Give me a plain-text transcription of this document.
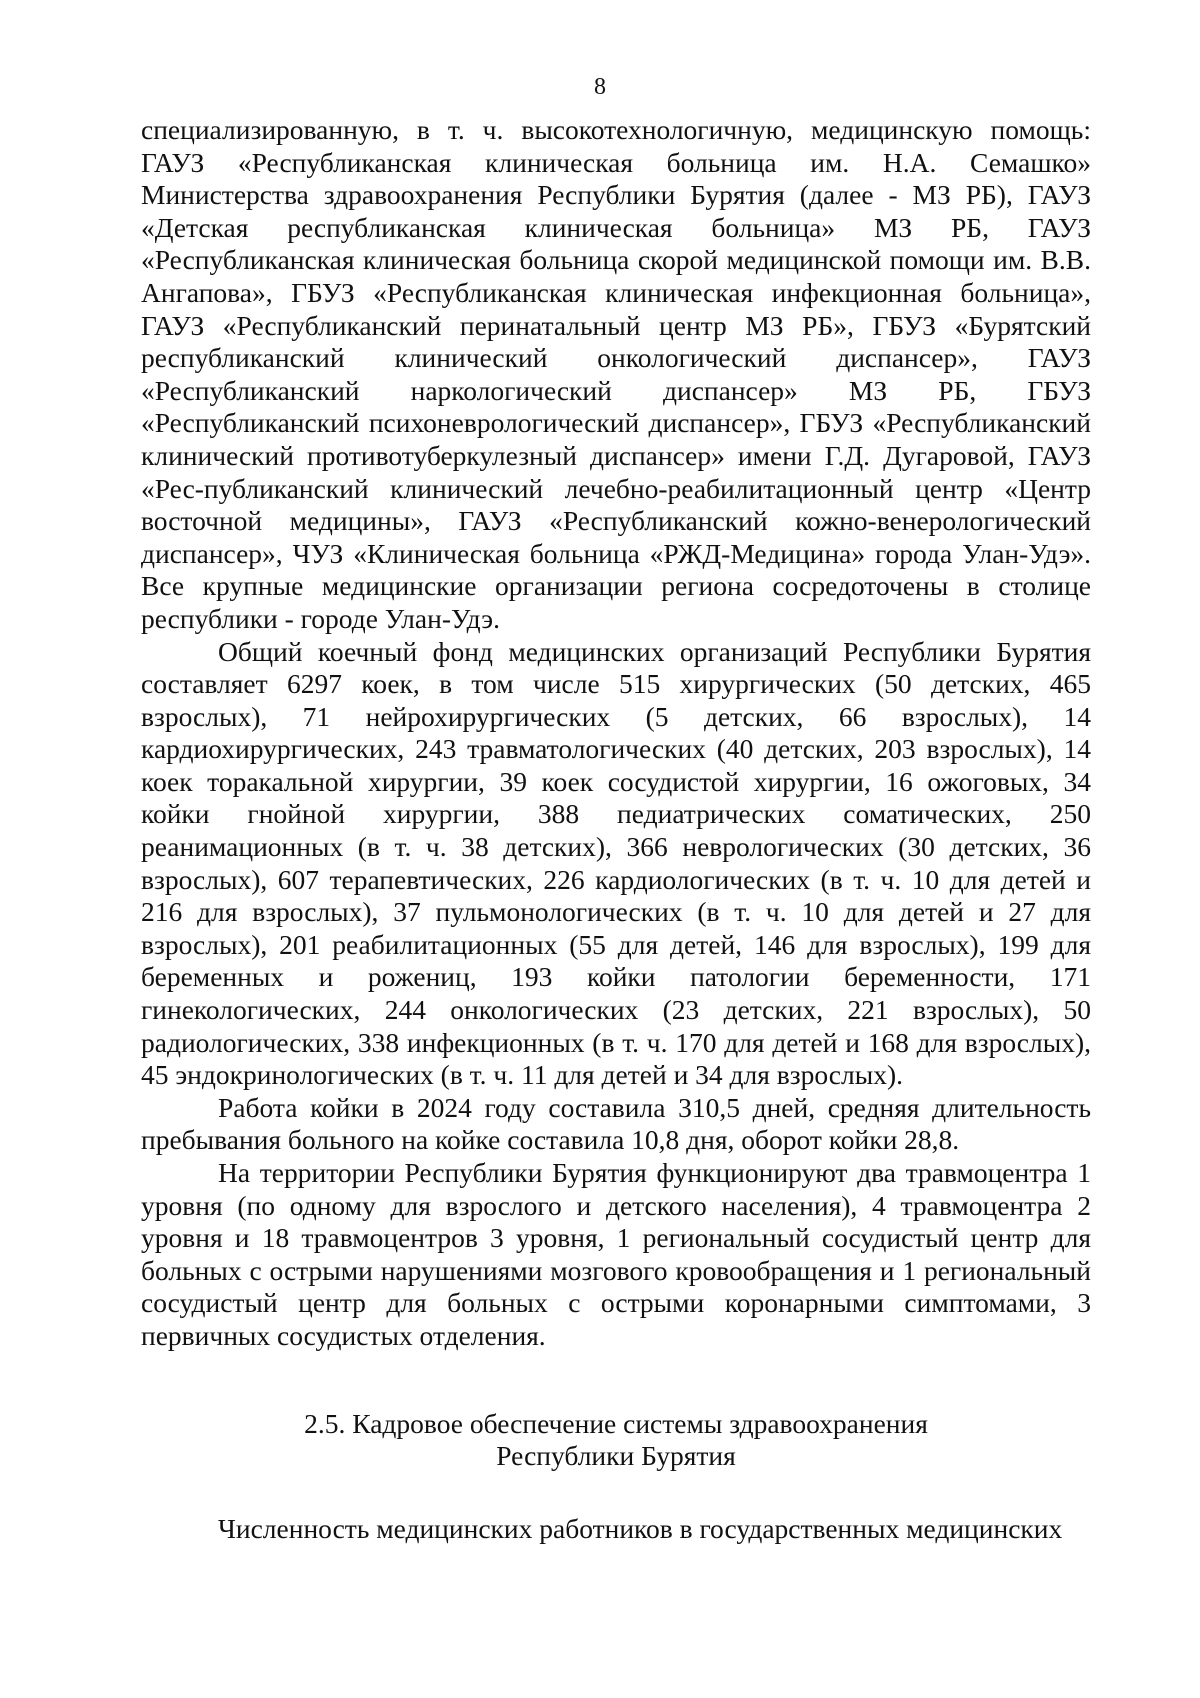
8

специализированную, в т. ч. высокотехнологичную, медицинскую помощь: ГАУЗ «Республиканская клиническая больница им. Н.А. Семашко» Министерства здравоохранения Республики Бурятия (далее - МЗ РБ), ГАУЗ «Детская республиканская клиническая больница» МЗ РБ, ГАУЗ «Республиканская клиническая больница скорой медицинской помощи им. В.В. Ангапова», ГБУЗ «Республиканская клиническая инфекционная больница», ГАУЗ «Республиканский перинатальный центр МЗ РБ», ГБУЗ «Бурятский республиканский клинический онкологический диспансер», ГАУЗ «Республиканский наркологический диспансер» МЗ РБ, ГБУЗ «Республиканский психоневрологический диспансер», ГБУЗ «Республиканский клинический противотуберкулезный диспансер» имени Г.Д. Дугаровой, ГАУЗ «Рес-публиканский клинический лечебно-реабилитационный центр «Центр восточной медицины», ГАУЗ «Республиканский кожно-венерологический диспансер», ЧУЗ «Клиническая больница «РЖД-Медицина» города Улан-Удэ». Все крупные медицинские организации региона сосредоточены в столице республики - городе Улан-Удэ.

Общий коечный фонд медицинских организаций Республики Бурятия составляет 6297 коек, в том числе 515 хирургических (50 детских, 465 взрослых), 71 нейрохирургических (5 детских, 66 взрослых), 14 кардиохирургических, 243 травматологических (40 детских, 203 взрослых), 14 коек торакальной хирургии, 39 коек сосудистой хирургии, 16 ожоговых, 34 койки гнойной хирургии, 388 педиатрических соматических, 250 реанимационных (в т. ч. 38 детских), 366 неврологических (30 детских, 36 взрослых), 607 терапевтических, 226 кардиологических (в т. ч. 10 для детей и 216 для взрослых), 37 пульмонологических (в т. ч. 10 для детей и 27 для взрослых), 201 реабилитационных (55 для детей, 146 для взрослых), 199 для беременных и рожениц, 193 койки патологии беременности, 171 гинекологических, 244 онкологических (23 детских, 221 взрослых), 50 радиологических, 338 инфекционных (в т. ч. 170 для детей и 168 для взрослых), 45 эндокринологических (в т. ч. 11 для детей и 34 для взрослых).

Работа койки в 2024 году составила 310,5 дней, средняя длительность пребывания больного на койке составила 10,8 дня, оборот койки 28,8.

На территории Республики Бурятия функционируют два травмоцентра 1 уровня (по одному для взрослого и детского населения), 4 травмоцентра 2 уровня и 18 травмоцентров 3 уровня, 1 региональный сосудистый центр для больных с острыми нарушениями мозгового кровообращения и 1 региональный сосудистый центр для больных с острыми коронарными симптомами, 3 первичных сосудистых отделения.

2.5. Кадровое обеспечение системы здравоохранения
Республики Бурятия

Численность медицинских работников в государственных медицинских
